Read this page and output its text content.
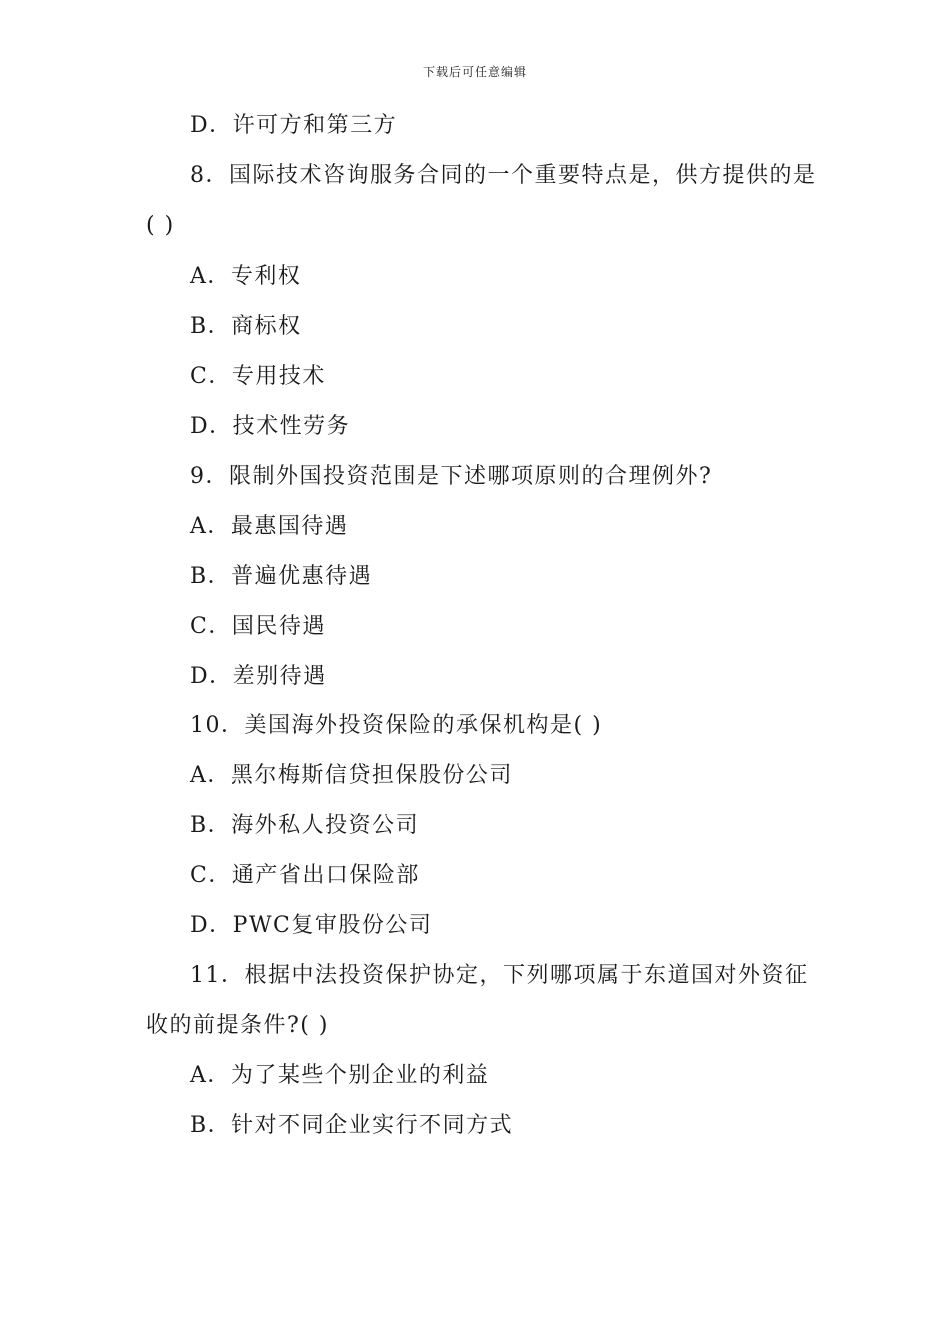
下载后可任意编辑
D．许可方和第三方
8．国际技术咨询服务合同的一个重要特点是，供方提供的是
( )
A．专利权
B．商标权
C．专用技术
D．技术性劳务
9．限制外国投资范围是下述哪项原则的合理例外?
A．最惠国待遇
B．普遍优惠待遇
C．国民待遇
D．差别待遇
10．美国海外投资保险的承保机构是( )
A．黑尔梅斯信贷担保股份公司
B．海外私人投资公司
C．通产省出口保险部
D．PWC复审股份公司
11．根据中法投资保护协定，下列哪项属于东道国对外资征
收的前提条件?( )
A．为了某些个别企业的利益
B．针对不同企业实行不同方式
